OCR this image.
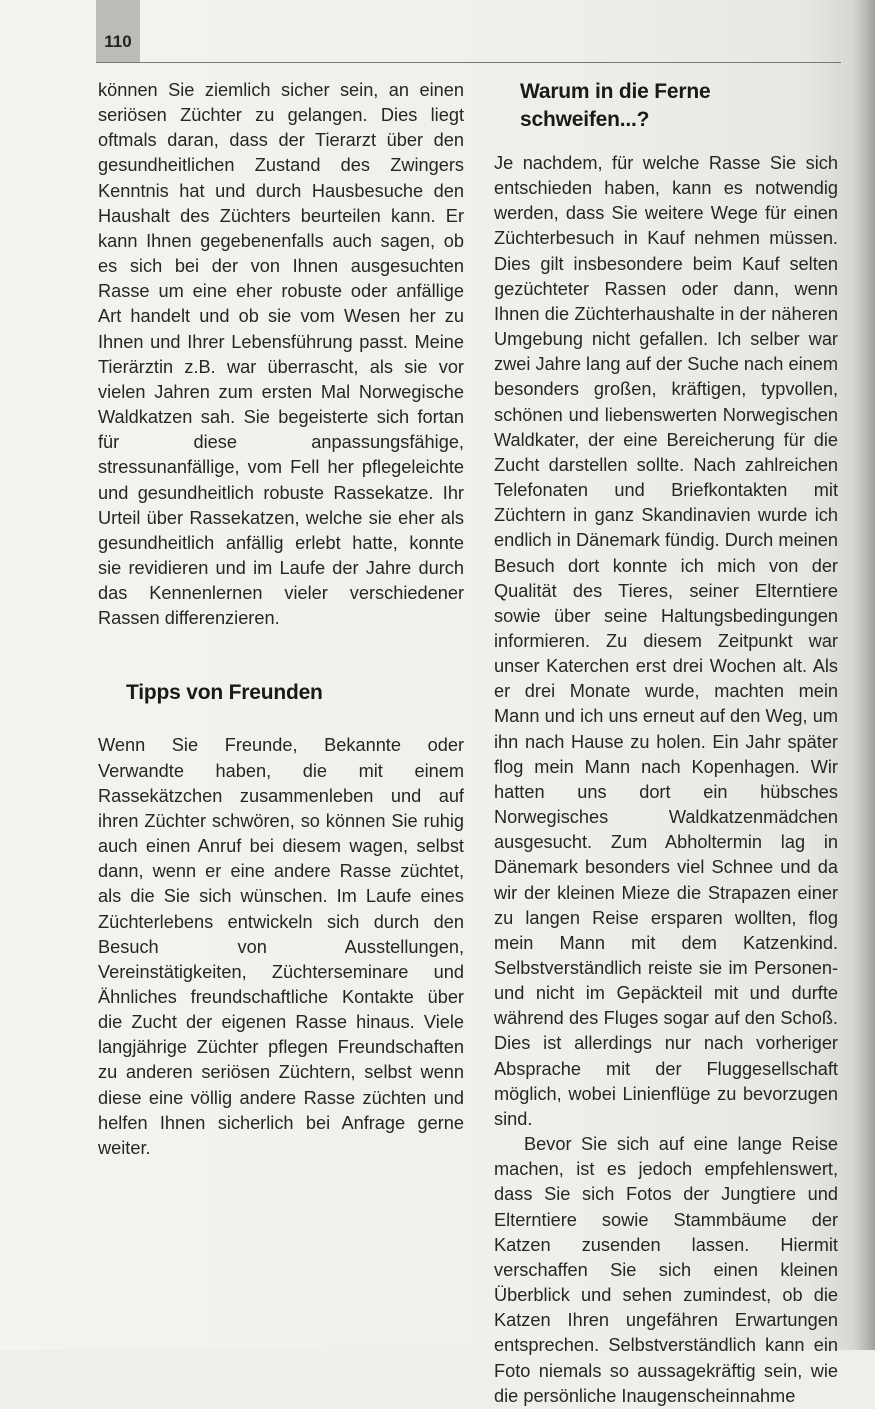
110

können Sie ziemlich sicher sein, an einen seriösen Züchter zu gelangen. Dies liegt oftmals daran, dass der Tierarzt über den gesundheitlichen Zustand des Zwingers Kenntnis hat und durch Hausbesuche den Haushalt des Züchters beurteilen kann. Er kann Ihnen gegebenenfalls auch sagen, ob es sich bei der von Ihnen ausgesuchten Rasse um eine eher robuste oder anfällige Art handelt und ob sie vom Wesen her zu Ihnen und Ihrer Lebensführung passt. Meine Tierärztin z.B. war überrascht, als sie vor vielen Jahren zum ersten Mal Norwegische Waldkatzen sah. Sie begeisterte sich fortan für diese anpassungsfähige, stressunanfällige, vom Fell her pflegeleichte und gesundheitlich robuste Rassekatze. Ihr Urteil über Rassekatzen, welche sie eher als gesundheitlich anfällig erlebt hatte, konnte sie revidieren und im Laufe der Jahre durch das Kennenlernen vieler verschiedener Rassen differenzieren.

Tipps von Freunden

Wenn Sie Freunde, Bekannte oder Verwandte haben, die mit einem Rassekätzchen zusammenleben und auf ihren Züchter schwören, so können Sie ruhig auch einen Anruf bei diesem wagen, selbst dann, wenn er eine andere Rasse züchtet, als die Sie sich wünschen. Im Laufe eines Züchterlebens entwickeln sich durch den Besuch von Ausstellungen, Vereinstätigkeiten, Züchterseminare und Ähnliches freundschaftliche Kontakte über die Zucht der eigenen Rasse hinaus. Viele langjährige Züchter pflegen Freundschaften zu anderen seriösen Züchtern, selbst wenn diese eine völlig andere Rasse züchten und helfen Ihnen sicherlich bei Anfrage gerne weiter.

Warum in die Ferne schweifen...?

Je nachdem, für welche Rasse Sie sich entschieden haben, kann es notwendig werden, dass Sie weitere Wege für einen Züchterbesuch in Kauf nehmen müssen. Dies gilt insbesondere beim Kauf selten gezüchteter Rassen oder dann, wenn Ihnen die Züchterhaushalte in der näheren Umgebung nicht gefallen. Ich selber war zwei Jahre lang auf der Suche nach einem besonders großen, kräftigen, typvollen, schönen und liebenswerten Norwegischen Waldkater, der eine Bereicherung für die Zucht darstellen sollte. Nach zahlreichen Telefonaten und Briefkontakten mit Züchtern in ganz Skandinavien wurde ich endlich in Dänemark fündig. Durch meinen Besuch dort konnte ich mich von der Qualität des Tieres, seiner Elterntiere sowie über seine Haltungsbedingungen informieren. Zu diesem Zeitpunkt war unser Katerchen erst drei Wochen alt. Als er drei Monate wurde, machten mein Mann und ich uns erneut auf den Weg, um ihn nach Hause zu holen. Ein Jahr später flog mein Mann nach Kopenhagen. Wir hatten uns dort ein hübsches Norwegisches Waldkatzenmädchen ausgesucht. Zum Abholtermin lag in Dänemark besonders viel Schnee und da wir der kleinen Mieze die Strapazen einer zu langen Reise ersparen wollten, flog mein Mann mit dem Katzenkind. Selbstverständlich reiste sie im Personen- und nicht im Gepäckteil mit und durfte während des Fluges sogar auf den Schoß. Dies ist allerdings nur nach vorheriger Absprache mit der Fluggesellschaft möglich, wobei Linienflüge zu bevorzugen sind.

Bevor Sie sich auf eine lange Reise machen, ist es jedoch empfehlenswert, dass Sie sich Fotos der Jungtiere und Elterntiere sowie Stammbäume der Katzen zusenden lassen. Hiermit verschaffen Sie sich einen kleinen Überblick und sehen zumindest, ob die Katzen Ihren ungefähren Erwartungen entsprechen. Selbstverständlich kann ein Foto niemals so aussagekräftig sein, wie die persönliche Inaugenscheinnahme
